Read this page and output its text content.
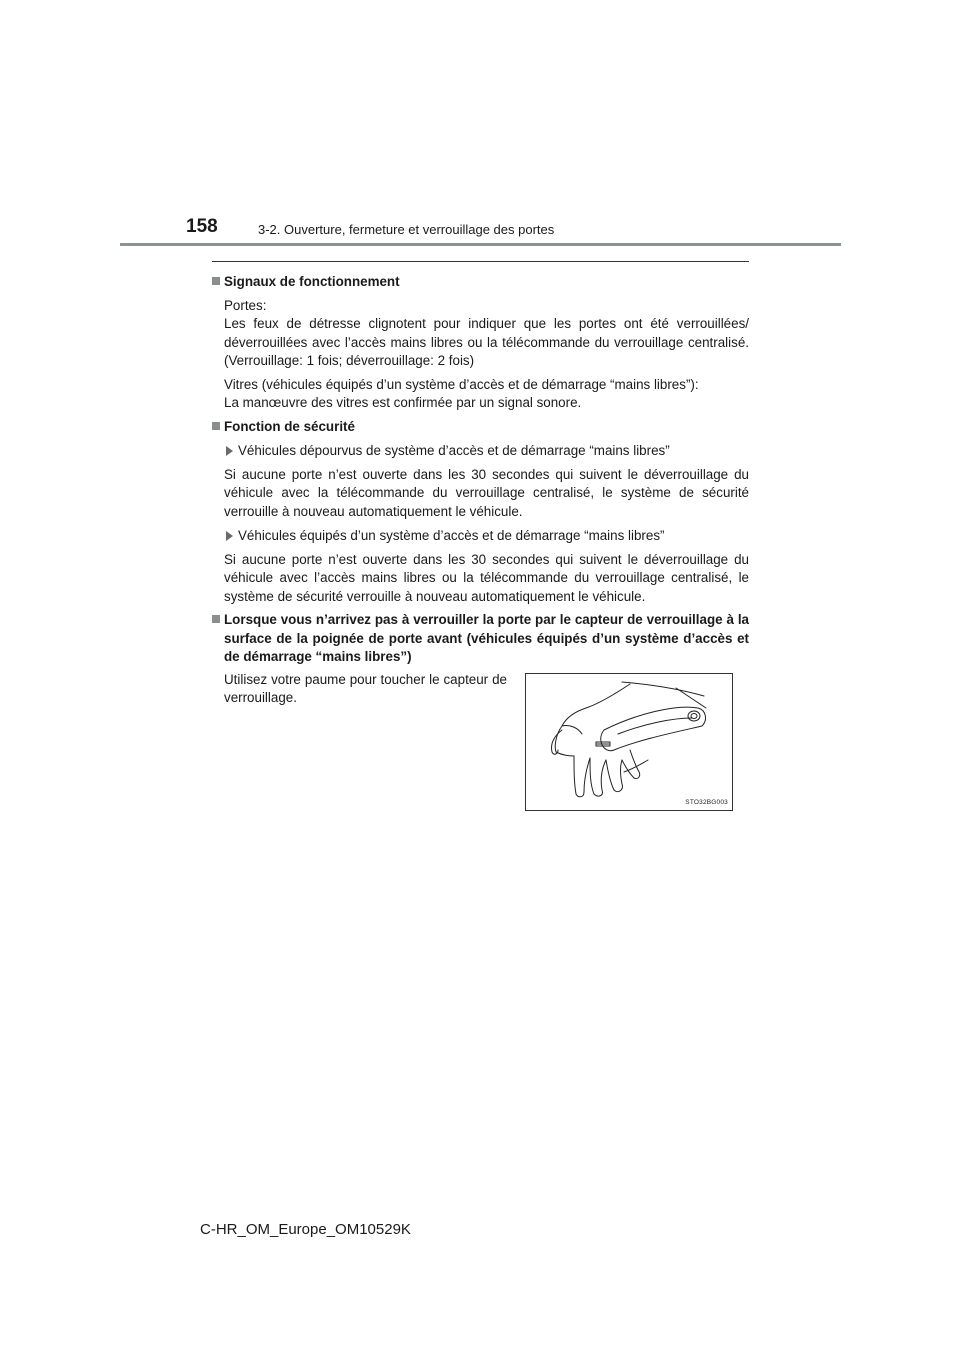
158	3-2. Ouverture, fermeture et verrouillage des portes
Signaux de fonctionnement
Portes:
Les feux de détresse clignotent pour indiquer que les portes ont été verrouillées/ déverrouillées avec l’accès mains libres ou la télécommande du verrouillage centralisé. (Verrouillage: 1 fois; déverrouillage: 2 fois)
Vitres (véhicules équipés d’un système d’accès et de démarrage “mains libres”):
La manœuvre des vitres est confirmée par un signal sonore.
Fonction de sécurité
Véhicules dépourvus de système d’accès et de démarrage “mains libres”
Si aucune porte n’est ouverte dans les 30 secondes qui suivent le déverrouillage du véhicule avec la télécommande du verrouillage centralisé, le système de sécurité verrouille à nouveau automatiquement le véhicule.
Véhicules équipés d’un système d’accès et de démarrage “mains libres”
Si aucune porte n’est ouverte dans les 30 secondes qui suivent le déverrouillage du véhicule avec l’accès mains libres ou la télécommande du verrouillage centralisé, le système de sécurité verrouille à nouveau automatiquement le véhicule.
Lorsque vous n’arrivez pas à verrouiller la porte par le capteur de verrouillage à la surface de la poignée de porte avant (véhicules équipés d’un système d’accès et de démarrage “mains libres”)
Utilisez votre paume pour toucher le capteur de verrouillage.
STO32BG003
C-HR_OM_Europe_OM10529K
